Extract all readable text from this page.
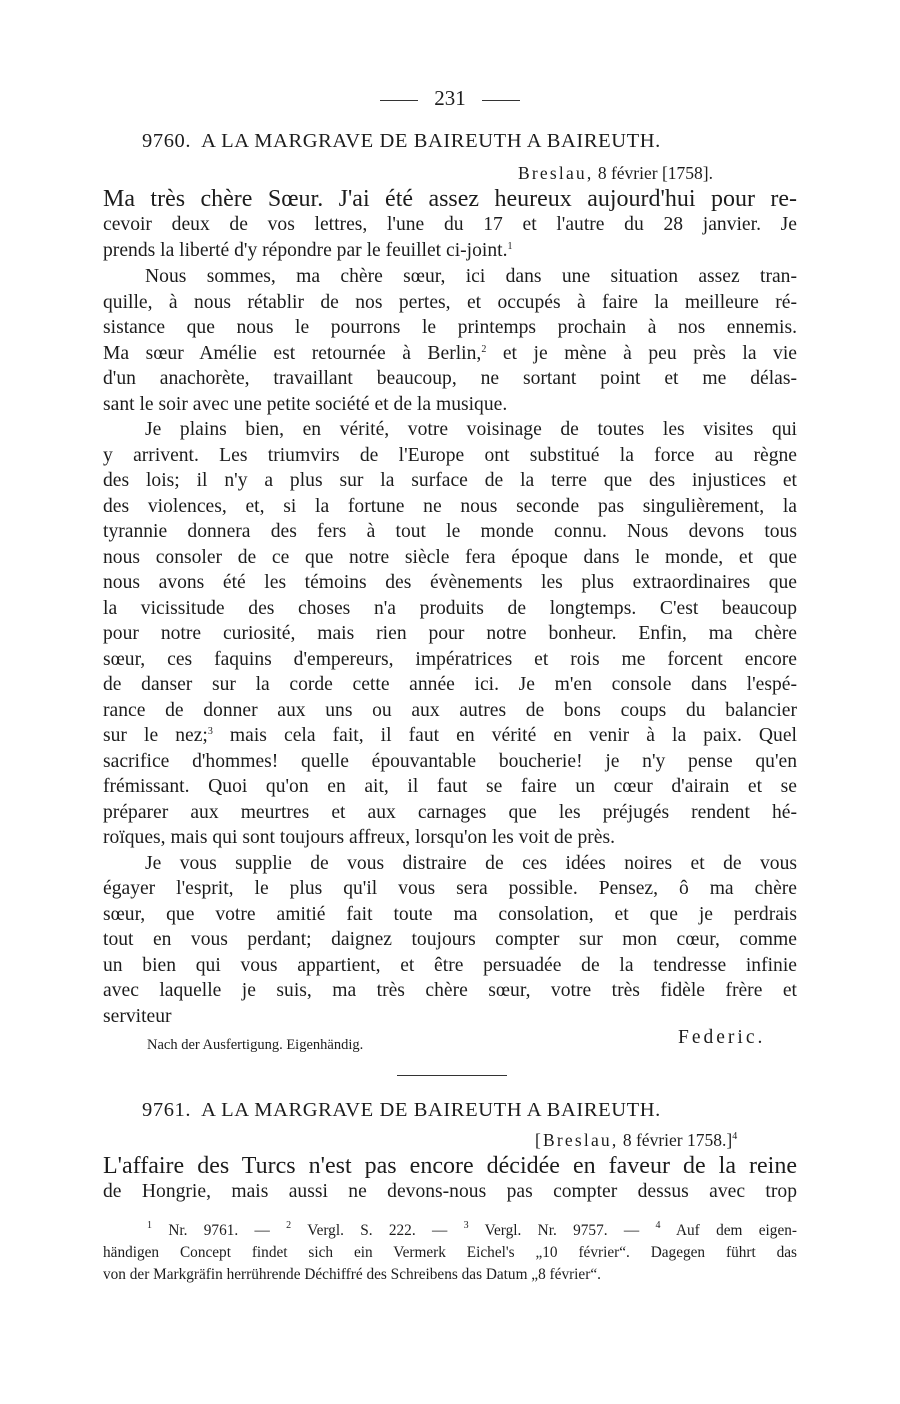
231
9760. A LA MARGRAVE DE BAIREUTH A BAIREUTH.
Breslau, 8 février [1758].
Ma très chère Sœur. J'ai été assez heureux aujourd'hui pour re-
cevoir deux de vos lettres, l'une du 17 et l'autre du 28 janvier. Je
prends la liberté d'y répondre par le feuillet ci-joint.$^1$
Nous sommes, ma chère sœur, ici dans une situation assez tran-
quille, à nous rétablir de nos pertes, et occupés à faire la meilleure ré-
sistance que nous le pourrons le printemps prochain à nos ennemis.
Ma sœur Amélie est retournée à Berlin,$^2$ et je mène à peu près la vie
d'un anachorète, travaillant beaucoup, ne sortant point et me délas-
sant le soir avec une petite société et de la musique.
Je plains bien, en vérité, votre voisinage de toutes les visites qui
y arrivent. Les triumvirs de l'Europe ont substitué la force au règne
des lois; il n'y a plus sur la surface de la terre que des injustices et
des violences, et, si la fortune ne nous seconde pas singulièrement, la
tyrannie donnera des fers à tout le monde connu. Nous devons tous
nous consoler de ce que notre siècle fera époque dans le monde, et que
nous avons été les témoins des évènements les plus extraordinaires que
la vicissitude des choses n'a produits de longtemps. C'est beaucoup
pour notre curiosité, mais rien pour notre bonheur. Enfin, ma chère
sœur, ces faquins d'empereurs, impératrices et rois me forcent encore
de danser sur la corde cette année ici. Je m'en console dans l'espé-
rance de donner aux uns ou aux autres de bons coups du balancier
sur le nez;$^3$ mais cela fait, il faut en vérité en venir à la paix. Quel
sacrifice d'hommes! quelle épouvantable boucherie! je n'y pense qu'en
frémissant. Quoi qu'on en ait, il faut se faire un cœur d'airain et se
préparer aux meurtres et aux carnages que les préjugés rendent hé-
roïques, mais qui sont toujours affreux, lorsqu'on les voit de près.
Je vous supplie de vous distraire de ces idées noires et de vous
égayer l'esprit, le plus qu'il vous sera possible. Pensez, ô ma chère
sœur, que votre amitié fait toute ma consolation, et que je perdrais
tout en vous perdant; daignez toujours compter sur mon cœur, comme
un bien qui vous appartient, et être persuadée de la tendresse infinie
avec laquelle je suis, ma très chère sœur, votre très fidèle frère et
serviteur
Nach der Ausfertigung. Eigenhändig.	Federic.
9761. A LA MARGRAVE DE BAIREUTH A BAIREUTH.
[Breslau, 8 février 1758.]$^4$
L'affaire des Turcs n'est pas encore décidée en faveur de la reine
de Hongrie, mais aussi ne devons-nous pas compter dessus avec trop
$^1$ Nr. 9761. — $^2$ Vergl. S. 222. — $^3$ Vergl. Nr. 9757. — $^4$ Auf dem eigen-
händigen Concept findet sich ein Vermerk Eichel's „10 février“. Dagegen führt das
von der Markgräfin herrührende Déchiffré des Schreibens das Datum „8 février“.
